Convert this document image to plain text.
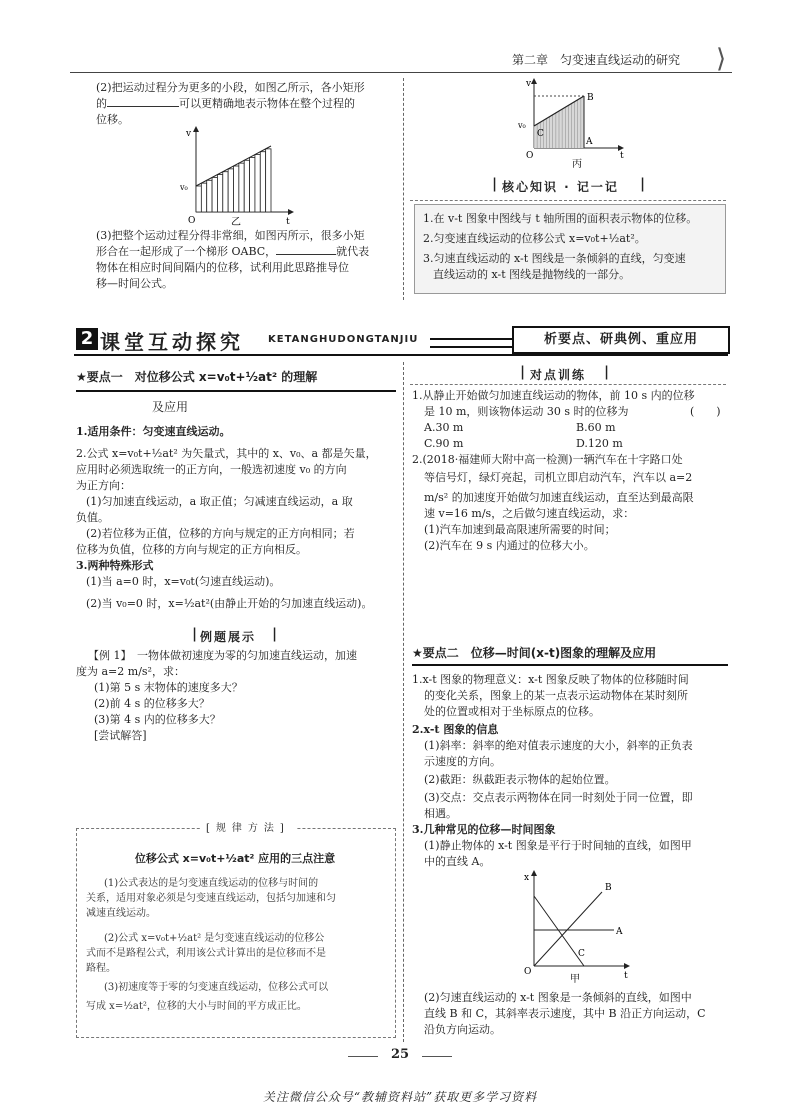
第二章　匀变速直线运动的研究 ⟩
(2)把运动过程分为更多的小段，如图乙所示，各小矩形
的	可以更精确地表示物体在整个过程的
位移。
v
v₀
O	t
乙
(3)把整个运动过程分得非常细，如图丙所示，很多小矩
形合在一起形成了一个梯形 OABC，	就代表
物体在相应时间间隔内的位移，试利用此思路推导位
移—时间公式。
v
v₀
O	t
A
B
C
丙
| 核心知识 · 记一记 |
1.在 v-t 图象中图线与 t 轴所围的面积表示物体的位移。
2.匀变速直线运动的位移公式 x=v₀t+½at²。
3.匀速直线运动的 x-t 图线是一条倾斜的直线，匀变速
直线运动的 x-t 图线是抛物线的一部分。
2 课堂互动探究 KETANGHUDONGTANJIU	析要点、研典例、重应用
★要点一　对位移公式 x=v₀t+½at² 的理解
及应用
1.适用条件：匀变速直线运动。
2.公式 x=v₀t+½at² 为矢量式，其中的 x、v₀、a 都是矢量，
应用时必须选取统一的正方向，一般选初速度 v₀ 的方向
为正方向：
(1)匀加速直线运动，a 取正值；匀减速直线运动，a 取
负值。
(2)若位移为正值，位移的方向与规定的正方向相同；若
位移为负值，位移的方向与规定的正方向相反。
3.两种特殊形式
(1)当 a=0 时，x=v₀t(匀速直线运动)。
(2)当 v₀=0 时，x=½at²(由静止开始的匀加速直线运动)。
| 例题展示 |
【例 1】　一物体做初速度为零的匀加速直线运动，加速
度为 a=2 m/s²，求：
(1)第 5 s 末物体的速度多大？
(2)前 4 s 的位移多大？
(3)第 4 s 内的位移多大？
[尝试解答]
[规律方法]
位移公式 x=v₀t+½at² 应用的三点注意
(1)公式表达的是匀变速直线运动的位移与时间的
关系，适用对象必须是匀变速直线运动，包括匀加速和匀
减速直线运动。
(2)公式 x=v₀t+½at² 是匀变速直线运动的位移公
式而不是路程公式，利用该公式计算出的是位移而不是
路程。
(3)初速度等于零的匀变速直线运动，位移公式可以
写成 x=½at²，位移的大小与时间的平方成正比。
| 对点训练 |
1.从静止开始做匀加速直线运动的物体，前 10 s 内的位移
是 10 m，则该物体运动 30 s 时的位移为	(　　)
A.30 m	B.60 m
C.90 m	D.120 m
2.(2018·福建师大附中高一检测)一辆汽车在十字路口处
等信号灯，绿灯亮起，司机立即启动汽车，汽车以 a=2
m/s² 的加速度开始做匀加速直线运动，直至达到最高限
速 v=16 m/s，之后做匀速直线运动，求：
(1)汽车加速到最高限速所需要的时间；
(2)汽车在 9 s 内通过的位移大小。
★要点二　位移—时间(x-t)图象的理解及应用
1.x-t 图象的物理意义：x-t 图象反映了物体的位移随时间
的变化关系，图象上的某一点表示运动物体在某时刻所
处的位置或相对于坐标原点的位移。
2.x-t 图象的信息
(1)斜率：斜率的绝对值表示速度的大小，斜率的正负表
示速度的方向。
(2)截距：纵截距表示物体的起始位置。
(3)交点：交点表示两物体在同一时刻处于同一位置，即
相遇。
3.几种常见的位移—时间图象
(1)静止物体的 x-t 图象是平行于时间轴的直线，如图甲
中的直线 A。
x
O	t
A
B
C
甲
(2)匀速直线运动的 x-t 图象是一条倾斜的直线，如图中
直线 B 和 C，其斜率表示速度，其中 B 沿正方向运动，C
沿负方向运动。
25
关注微信公众号“教辅资料站”获取更多学习资料
